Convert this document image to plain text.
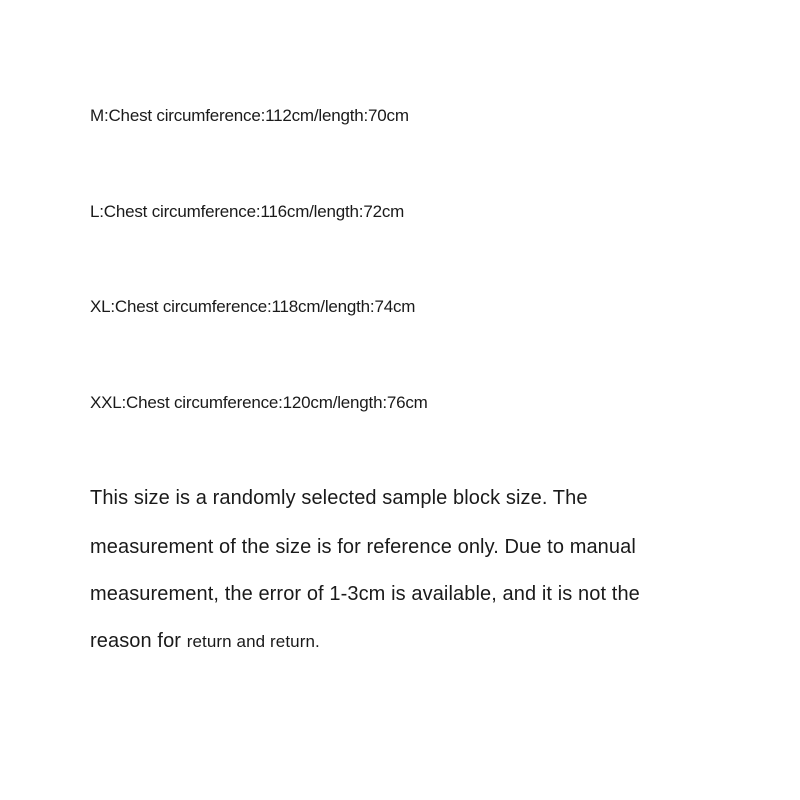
M:Chest circumference:112cm/length:70cm
L:Chest circumference:116cm/length:72cm
XL:Chest circumference:118cm/length:74cm
XXL:Chest circumference:120cm/length:76cm
This size is a randomly selected sample block size. The
measurement of the size is for reference only. Due to manual
measurement, the error of 1-3cm is available, and it is not the
reason for return and return.
